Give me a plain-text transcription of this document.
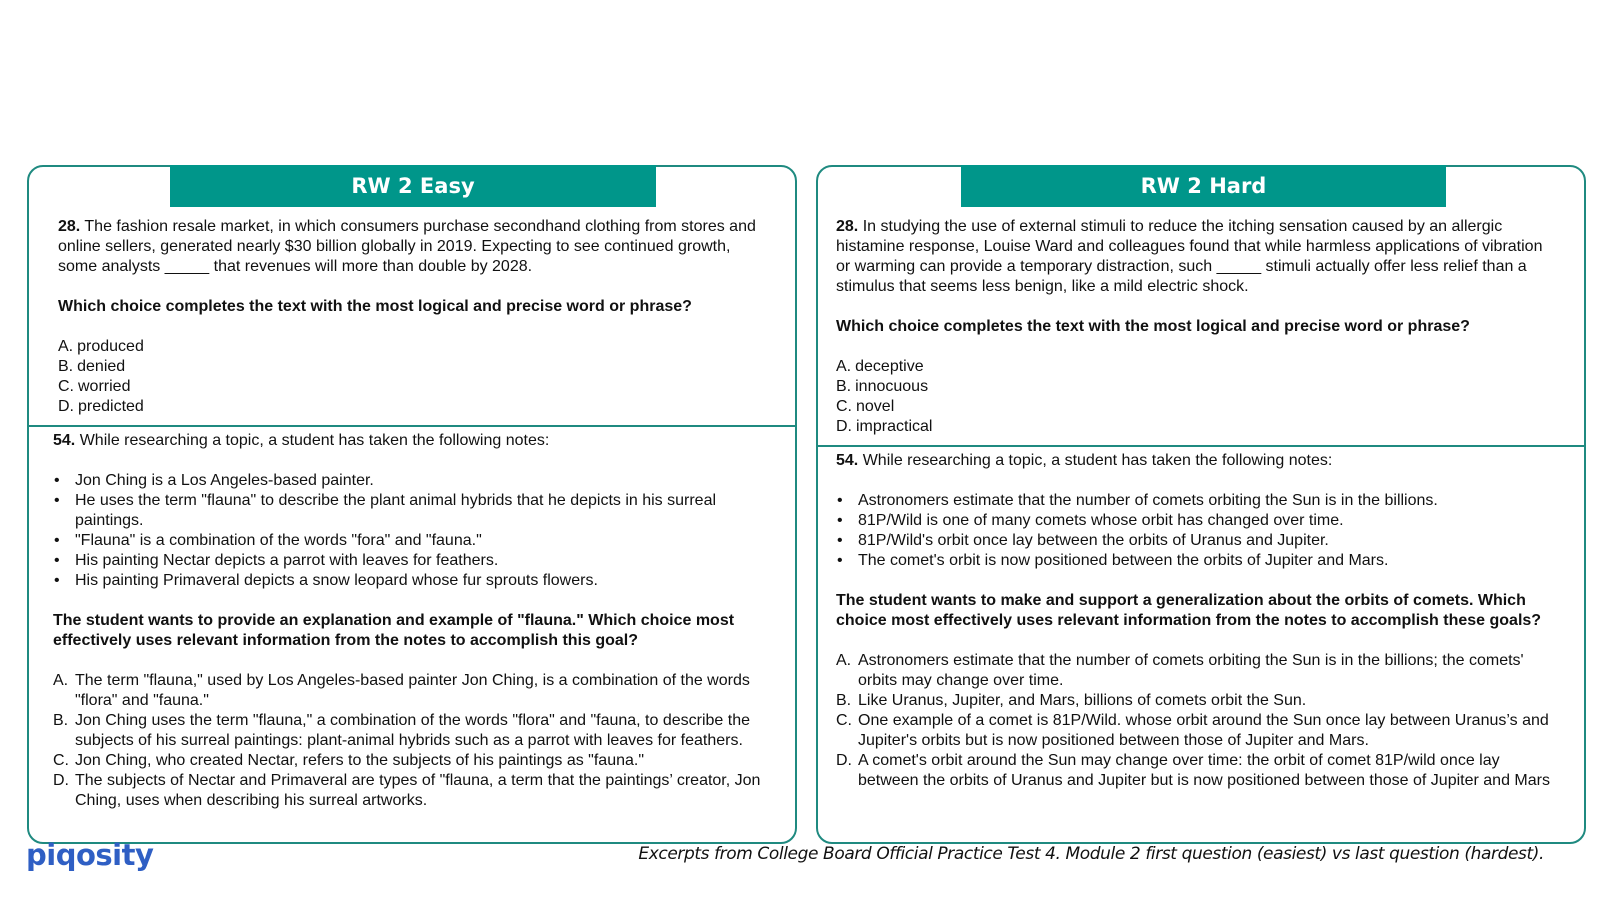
RW 2 Easy

28. The fashion resale market, in which consumers purchase secondhand clothing from stores and online sellers, generated nearly $30 billion globally in 2019. Expecting to see continued growth, some analysts _____ that revenues will more than double by 2028.

Which choice completes the text with the most logical and precise word or phrase?

A. produced
B. denied
C. worried
D. predicted

54. While researching a topic, a student has taken the following notes:

• Jon Ching is a Los Angeles-based painter.
• He uses the term "flauna" to describe the plant animal hybrids that he depicts in his surreal paintings.
• "Flauna" is a combination of the words "fora" and "fauna."
• His painting Nectar depicts a parrot with leaves for feathers.
• His painting Primaveral depicts a snow leopard whose fur sprouts flowers.

The student wants to provide an explanation and example of "flauna." Which choice most effectively uses relevant information from the notes to accomplish this goal?

A. The term "flauna," used by Los Angeles-based painter Jon Ching, is a combination of the words "flora" and "fauna."
B. Jon Ching uses the term "flauna," a combination of the words "flora" and "fauna, to describe the subjects of his surreal paintings: plant-animal hybrids such as a parrot with leaves for feathers.
C. Jon Ching, who created Nectar, refers to the subjects of his paintings as "fauna."
D. The subjects of Nectar and Primaveral are types of "flauna, a term that the paintings’ creator, Jon Ching, uses when describing his surreal artworks.
RW 2 Hard

28. In studying the use of external stimuli to reduce the itching sensation caused by an allergic histamine response, Louise Ward and colleagues found that while harmless applications of vibration or warming can provide a temporary distraction, such _____ stimuli actually offer less relief than a stimulus that seems less benign, like a mild electric shock.

Which choice completes the text with the most logical and precise word or phrase?

A. deceptive
B. innocuous
C. novel
D. impractical

54. While researching a topic, a student has taken the following notes:

• Astronomers estimate that the number of comets orbiting the Sun is in the billions.
• 81P/Wild is one of many comets whose orbit has changed over time.
• 81P/Wild's orbit once lay between the orbits of Uranus and Jupiter.
• The comet's orbit is now positioned between the orbits of Jupiter and Mars.

The student wants to make and support a generalization about the orbits of comets. Which choice most effectively uses relevant information from the notes to accomplish these goals?

A. Astronomers estimate that the number of comets orbiting the Sun is in the billions; the comets' orbits may change over time.
B. Like Uranus, Jupiter, and Mars, billions of comets orbit the Sun.
C. One example of a comet is 81P/Wild. whose orbit around the Sun once lay between Uranus’s and Jupiter's orbits but is now positioned between those of Jupiter and Mars.
D. A comet's orbit around the Sun may change over time: the orbit of comet 81P/wild once lay between the orbits of Uranus and Jupiter but is now positioned between those of Jupiter and Mars
piqosity	Excerpts from College Board Official Practice Test 4. Module 2 first question (easiest) vs last question (hardest).
